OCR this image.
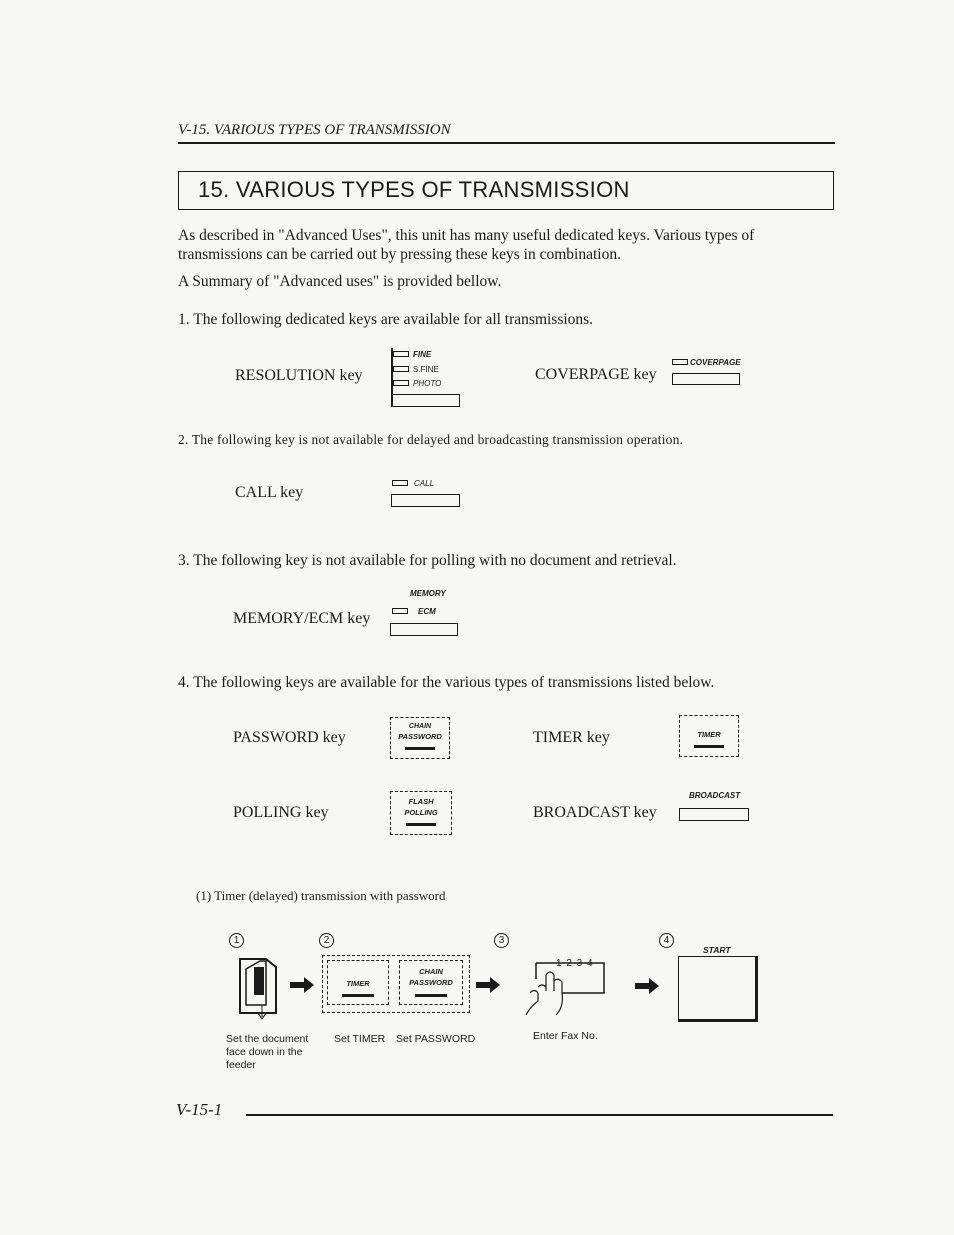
V-15. VARIOUS TYPES OF TRANSMISSION
15. VARIOUS TYPES OF TRANSMISSION
As described in "Advanced Uses", this unit has many useful dedicated keys. Various types of transmissions can be carried out by pressing these keys in combination.
A Summary of "Advanced uses" is provided bellow.
1. The following dedicated keys are available for all transmissions.
RESOLUTION key
FINE
S.FINE
PHOTO
COVERPAGE key
COVERPAGE
2. The following key is not available for delayed and broadcasting transmission operation.
CALL key
CALL
3. The following key is not available for polling with no document and retrieval.
MEMORY/ECM key
MEMORY
ECM
4. The following keys are available for the various types of transmissions listed below.
PASSWORD key
CHAIN
PASSWORD	TIMER key	TIMER
POLLING key
FLASH
POLLING	BROADCAST key
BROADCAST
(1) Timer (delayed) transmission with password
1	2	3	4
TIMER
CHAIN
PASSWORD
1 2 3 4
START
Set the document face down in the feeder
Set TIMER Set PASSWORD	Enter Fax No.
V-15-1
